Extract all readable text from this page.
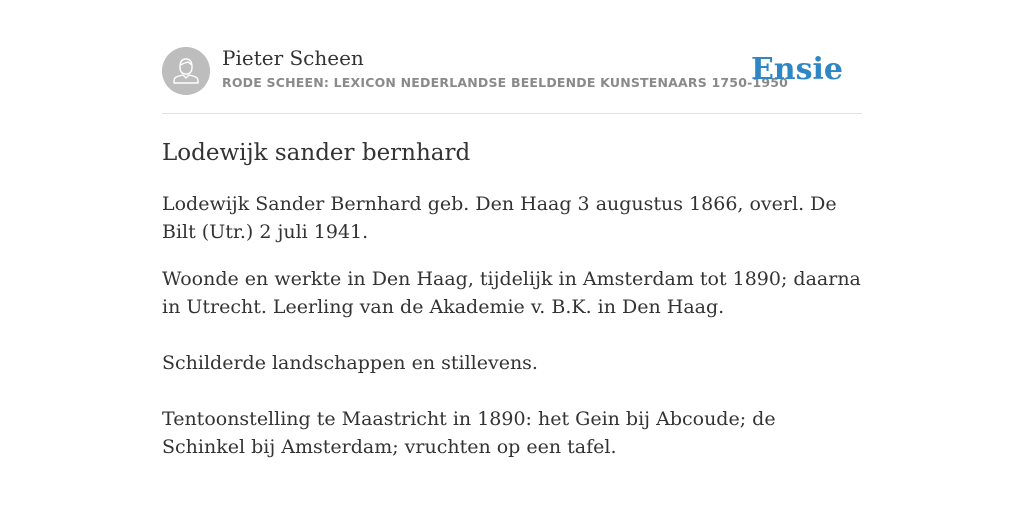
Pieter Scheen
RODE SCHEEN: LEXICON NEDERLANDSE BEELDENDE KUNSTENAARS 1750-1950
Ensie
Lodewijk sander bernhard

Lodewijk Sander Bernhard geb. Den Haag 3 augustus 1866, overl. De Bilt (Utr.) 2 juli 1941.

Woonde en werkte in Den Haag, tijdelijk in Amsterdam tot 1890; daarna in Utrecht. Leerling van de Akademie v. B.K. in Den Haag.

Schilderde landschappen en stillevens.

Tentoonstelling te Maastricht in 1890: het Gein bij Abcoude; de Schinkel bij Amsterdam; vruchten op een tafel.
